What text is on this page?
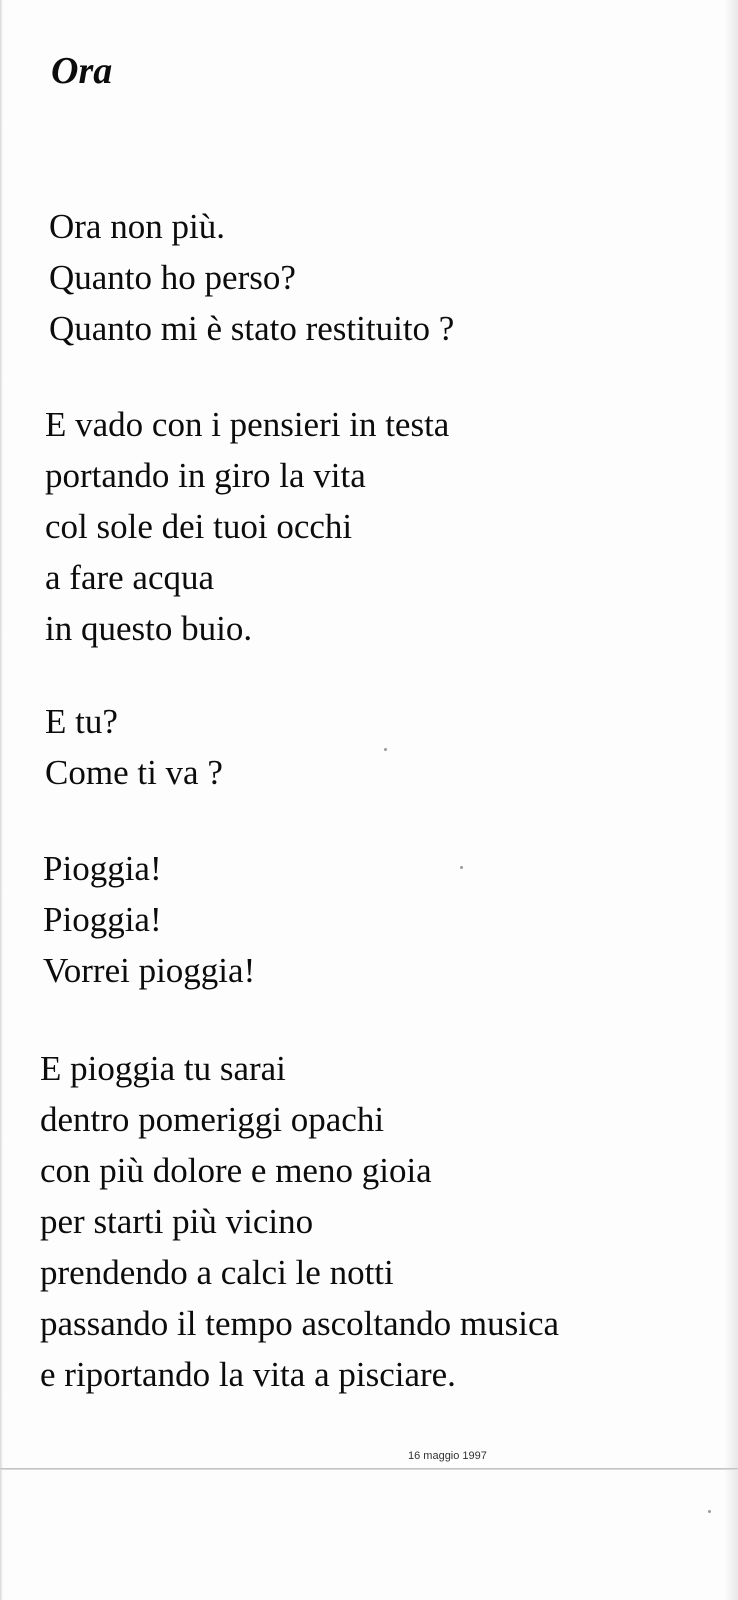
Ora
Ora non più.
Quanto ho perso?
Quanto mi è stato restituito ?
E vado con i pensieri in testa
portando in giro la vita
col sole dei tuoi occhi
a fare acqua
in questo buio.
E tu?
Come ti va ?
Pioggia!
Pioggia!
Vorrei pioggia!
E pioggia tu sarai
dentro pomeriggi opachi
con più dolore e meno gioia
per starti più vicino
prendendo a calci le notti
passando il tempo ascoltando musica
e riportando la vita a pisciare.
16 maggio 1997
